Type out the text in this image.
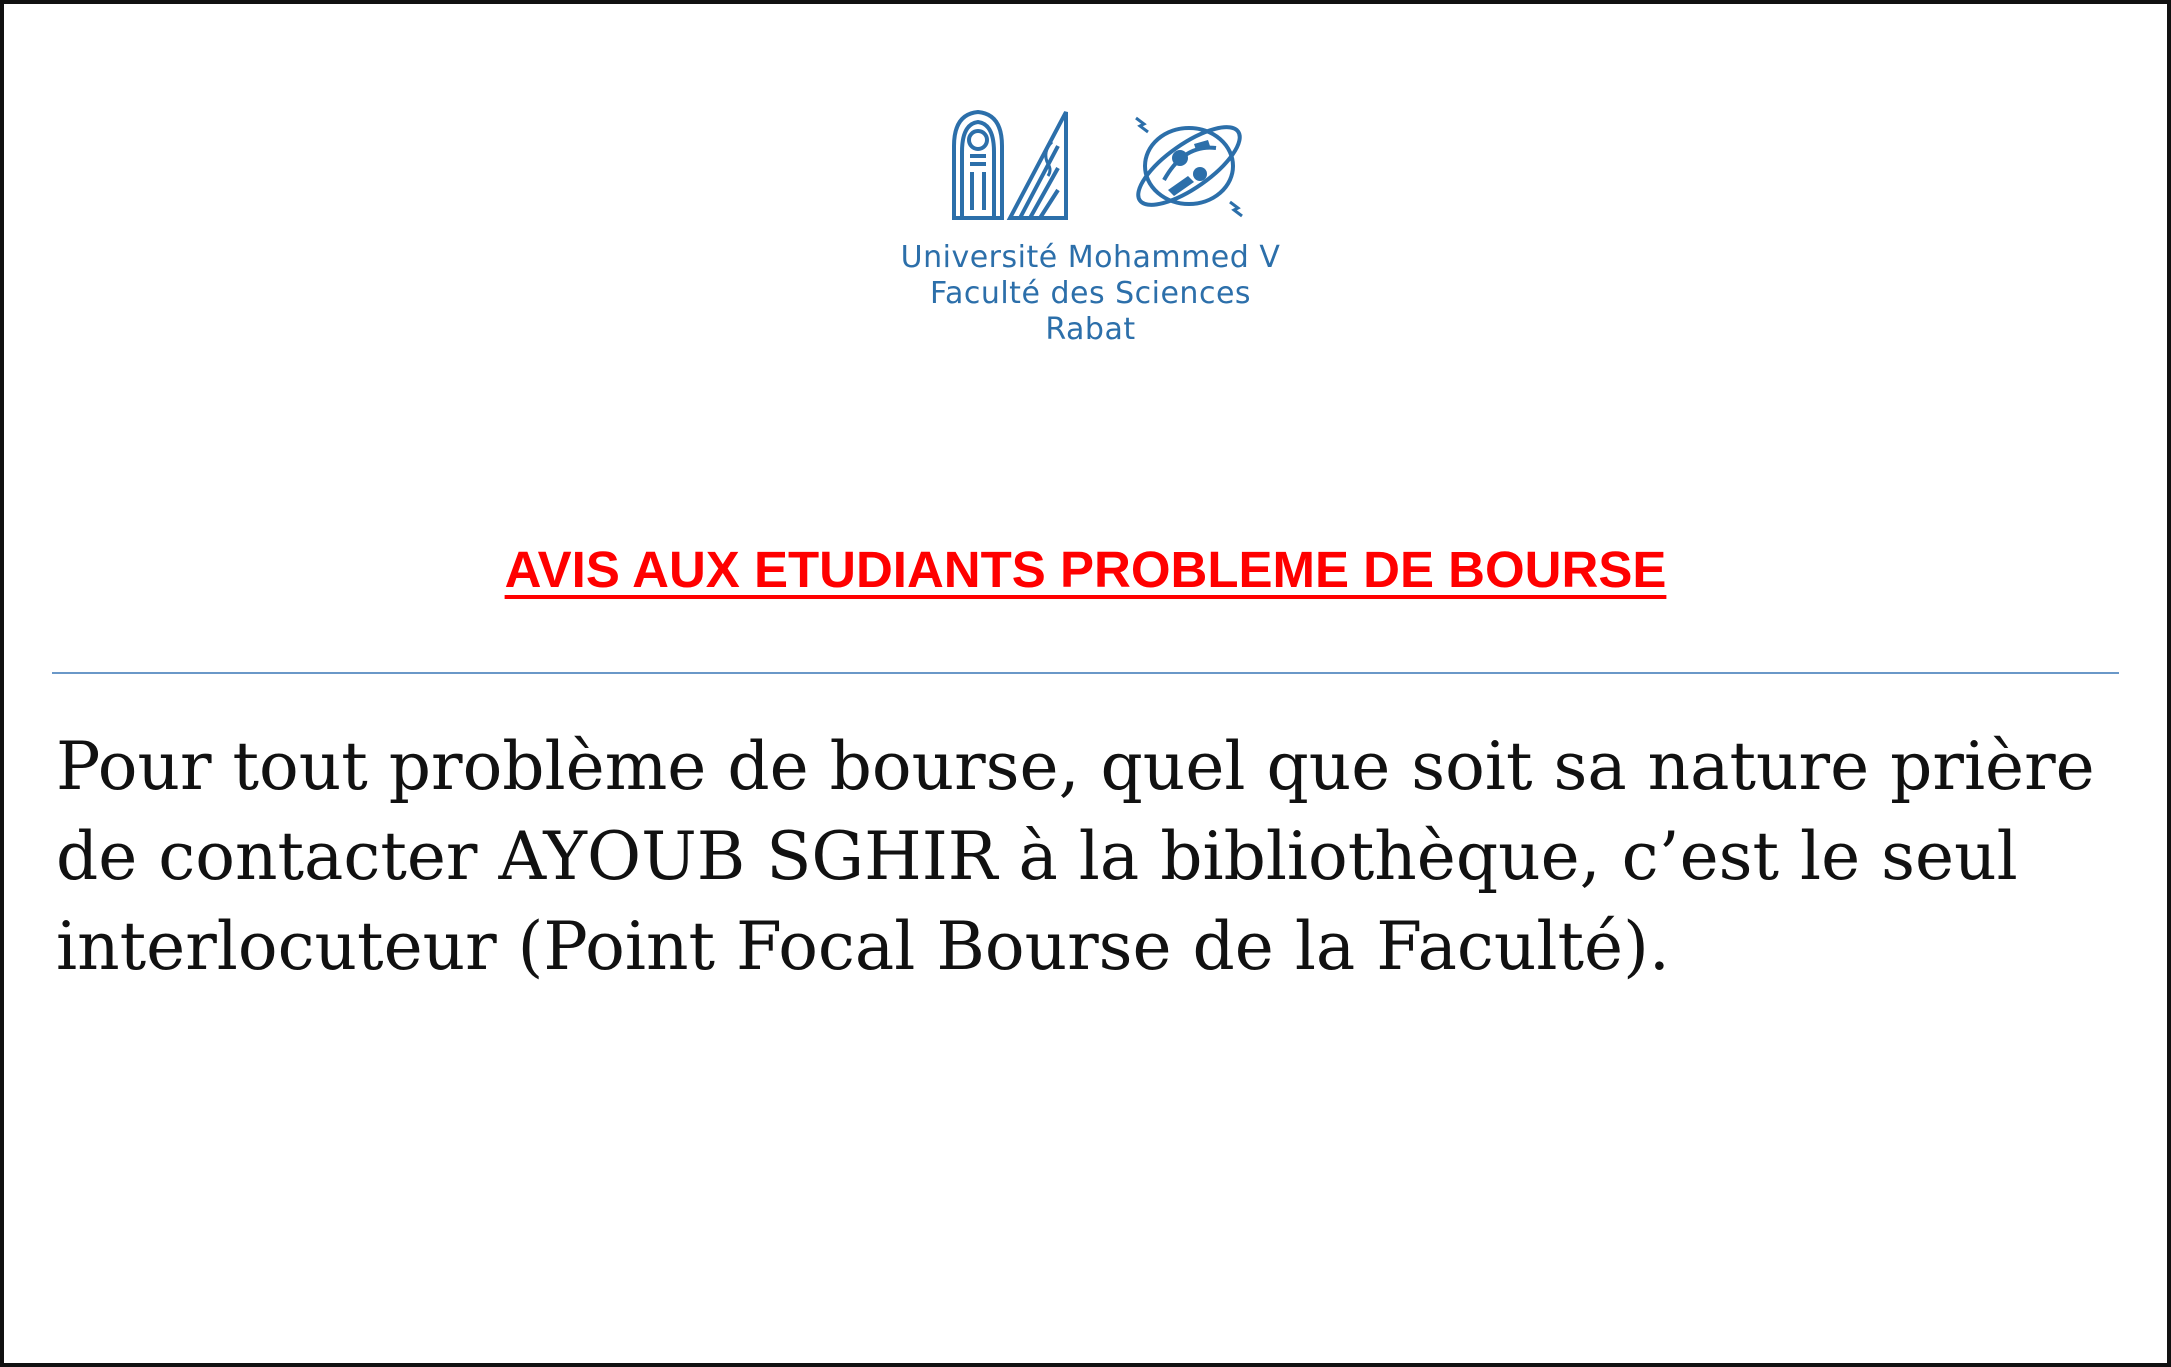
Université Mohammed V
Faculté des Sciences
Rabat
AVIS AUX ETUDIANTS PROBLEME DE BOURSE
Pour tout problème de bourse, quel que soit sa nature prière
de contacter AYOUB SGHIR à la bibliothèque, c’est le seul
interlocuteur (Point Focal Bourse de la Faculté).
